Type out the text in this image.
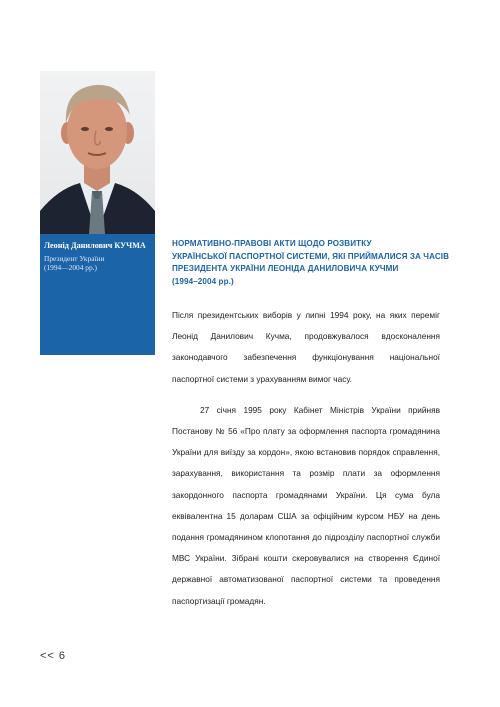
Леонід Данилович КУЧМА
Президент України
(1994—2004 рр.)
НОРМАТИВНО-ПРАВОВІ АКТИ ЩОДО РОЗВИТКУ
УКРАЇНСЬКОЇ ПАСПОРТНОЇ СИСТЕМИ, ЯКІ ПРИЙМАЛИСЯ ЗА ЧАСІВ
ПРЕЗИДЕНТА УКРАЇНИ ЛЕОНІДА ДАНИЛОВИЧА КУЧМИ
(1994–2004 рр.)

Після президентських виборів у липні 1994 року, на яких переміг Леонід Данилович Кучма, продовжувалося вдосконалення законодавчого забезпечення функціонування національної паспортної системи з урахуванням вимог часу.

27 січня 1995 року Кабінет Міністрів України прийняв Постанову № 56 «Про плату за оформлення паспорта громадянина України для виїзду за кордон», якою встановив порядок справлення, зарахування, використання та розмір плати за оформлення закордонного паспорта громадянами України. Ця сума була еквівалентна 15 доларам США за офіційним курсом НБУ на день подання громадянином клопотання до підрозділу паспортної служби МВС України. Зібрані кошти скеровувалися на створення Єдиної державної автоматизованої паспортної системи та проведення паспортизації громадян.

<< 6
